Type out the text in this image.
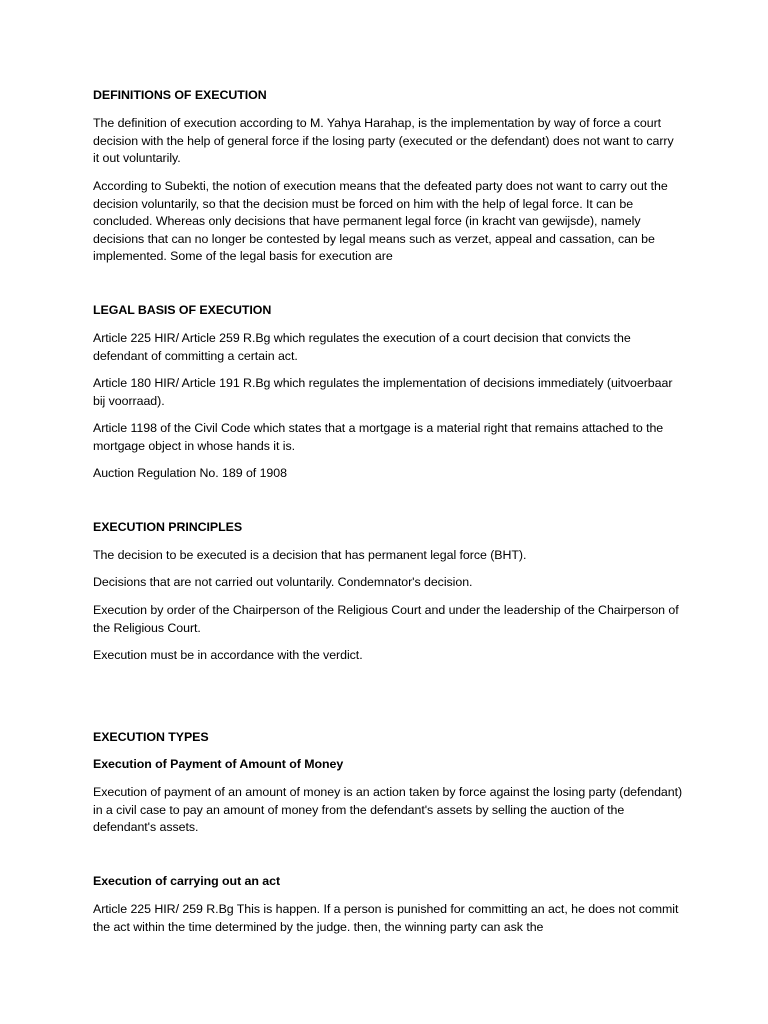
DEFINITIONS OF EXECUTION

The definition of execution according to M. Yahya Harahap, is the implementation by way of force a court decision with the help of general force if the losing party (executed or the defendant) does not want to carry it out voluntarily.

According to Subekti, the notion of execution means that the defeated party does not want to carry out the decision voluntarily, so that the decision must be forced on him with the help of legal force. It can be concluded. Whereas only decisions that have permanent legal force (in kracht van gewijsde), namely decisions that can no longer be contested by legal means such as verzet, appeal and cassation, can be implemented. Some of the legal basis for execution are

LEGAL BASIS OF EXECUTION

Article 225 HIR/ Article 259 R.Bg which regulates the execution of a court decision that convicts the defendant of committing a certain act.

Article 180 HIR/ Article 191 R.Bg which regulates the implementation of decisions immediately (uitvoerbaar bij voorraad).

Article 1198 of the Civil Code which states that a mortgage is a material right that remains attached to the mortgage object in whose hands it is.

Auction Regulation No. 189 of 1908

EXECUTION PRINCIPLES

The decision to be executed is a decision that has permanent legal force (BHT).

Decisions that are not carried out voluntarily. Condemnator's decision.

Execution by order of the Chairperson of the Religious Court and under the leadership of the Chairperson of the Religious Court.

Execution must be in accordance with the verdict.

EXECUTION TYPES

Execution of Payment of Amount of Money

Execution of payment of an amount of money is an action taken by force against the losing party (defendant) in a civil case to pay an amount of money from the defendant's assets by selling the auction of the defendant's assets.

Execution of carrying out an act

Article 225 HIR/ 259 R.Bg This is happen. If a person is punished for committing an act, he does not commit the act within the time determined by the judge. then, the winning party can ask the
